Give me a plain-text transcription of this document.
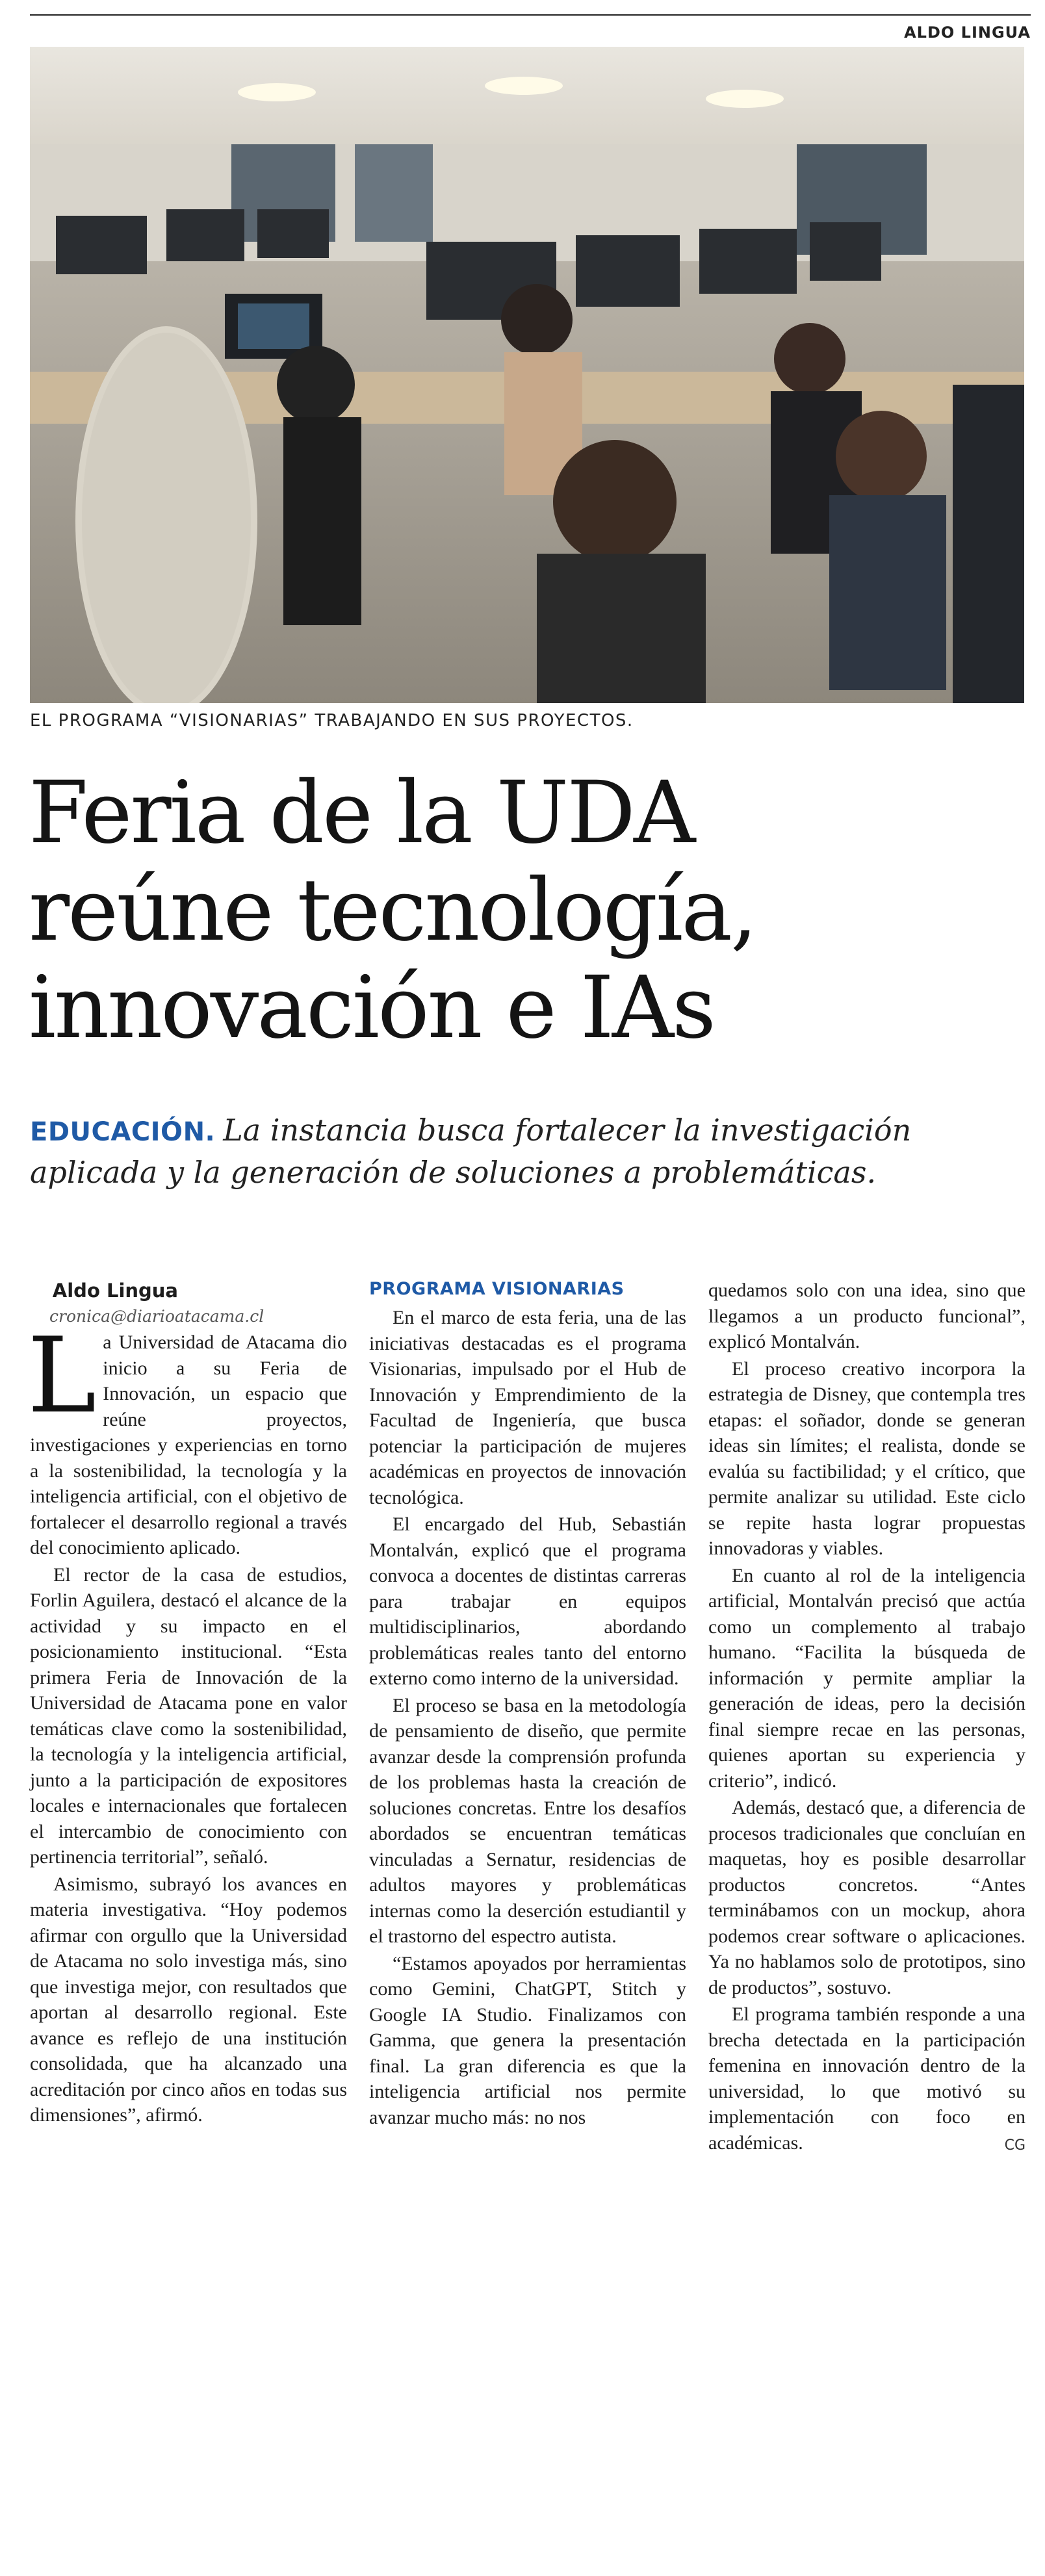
ALDO LINGUA
EL PROGRAMA “VISIONARIAS” TRABAJANDO EN SUS PROYECTOS.
Feria de la UDA
reúne tecnología,
innovación e IAs
EDUCACIÓN. La instancia busca fortalecer la investigación aplicada y la generación de soluciones a problemáticas.

Aldo Lingua

cronica@diarioatacama.cl

La Universidad de Atacama dio inicio a su Feria de Innovación, un espacio que reúne proyectos, investigaciones y experiencias en torno a la sostenibilidad, la tecnología y la inteligencia artificial, con el objetivo de fortalecer el desarrollo regional a través del conocimiento aplicado.

El rector de la casa de estudios, Forlin Aguilera, destacó el alcance de la actividad y su impacto en el posicionamiento institucional. “Esta primera Feria de Innovación de la Universidad de Atacama pone en valor temáticas clave como la sostenibilidad, la tecnología y la inteligencia artificial, junto a la participación de expositores locales e internacionales que fortalecen el intercambio de conocimiento con pertinencia territorial”, señaló.

Asimismo, subrayó los avances en materia investigativa. “Hoy podemos afirmar con orgullo que la Universidad de Atacama no solo investiga más, sino que investiga mejor, con resultados que aportan al desarrollo regional. Este avance es reflejo de una institución consolidada, que ha alcanzado una acreditación por cinco años en todas sus dimensiones”, afirmó.

PROGRAMA VISIONARIAS

En el marco de esta feria, una de las iniciativas destacadas es el programa Visionarias, impulsado por el Hub de Innovación y Emprendimiento de la Facultad de Ingeniería, que busca potenciar la participación de mujeres académicas en proyectos de innovación tecnológica.

El encargado del Hub, Sebastián Montalván, explicó que el programa convoca a docentes de distintas carreras para trabajar en equipos multidisciplinarios, abordando problemáticas reales tanto del entorno externo como interno de la universidad.

El proceso se basa en la metodología de pensamiento de diseño, que permite avanzar desde la comprensión profunda de los problemas hasta la creación de soluciones concretas. Entre los desafíos abordados se encuentran temáticas vinculadas a Sernatur, residencias de adultos mayores y problemáticas internas como la deserción estudiantil y el trastorno del espectro autista.

“Estamos apoyados por herramientas como Gemini, ChatGPT, Stitch y Google IA Studio. Finalizamos con Gamma, que genera la presentación final. La gran diferencia es que la inteligencia artificial nos permite avanzar mucho más: no nos

quedamos solo con una idea, sino que llegamos a un producto funcional”, explicó Montalván.

El proceso creativo incorpora la estrategia de Disney, que contempla tres etapas: el soñador, donde se generan ideas sin límites; el realista, donde se evalúa su factibilidad; y el crítico, que permite analizar su utilidad. Este ciclo se repite hasta lograr propuestas innovadoras y viables.

En cuanto al rol de la inteligencia artificial, Montalván precisó que actúa como un complemento al trabajo humano. “Facilita la búsqueda de información y permite ampliar la generación de ideas, pero la decisión final siempre recae en las personas, quienes aportan su experiencia y criterio”, indicó.

Además, destacó que, a diferencia de procesos tradicionales que concluían en maquetas, hoy es posible desarrollar productos concretos. “Antes terminábamos con un mockup, ahora podemos crear software o aplicaciones. Ya no hablamos solo de prototipos, sino de productos”, sostuvo.

El programa también responde a una brecha detectada en la participación femenina en innovación dentro de la universidad, lo que motivó su implementación con foco en académicas.	CG
